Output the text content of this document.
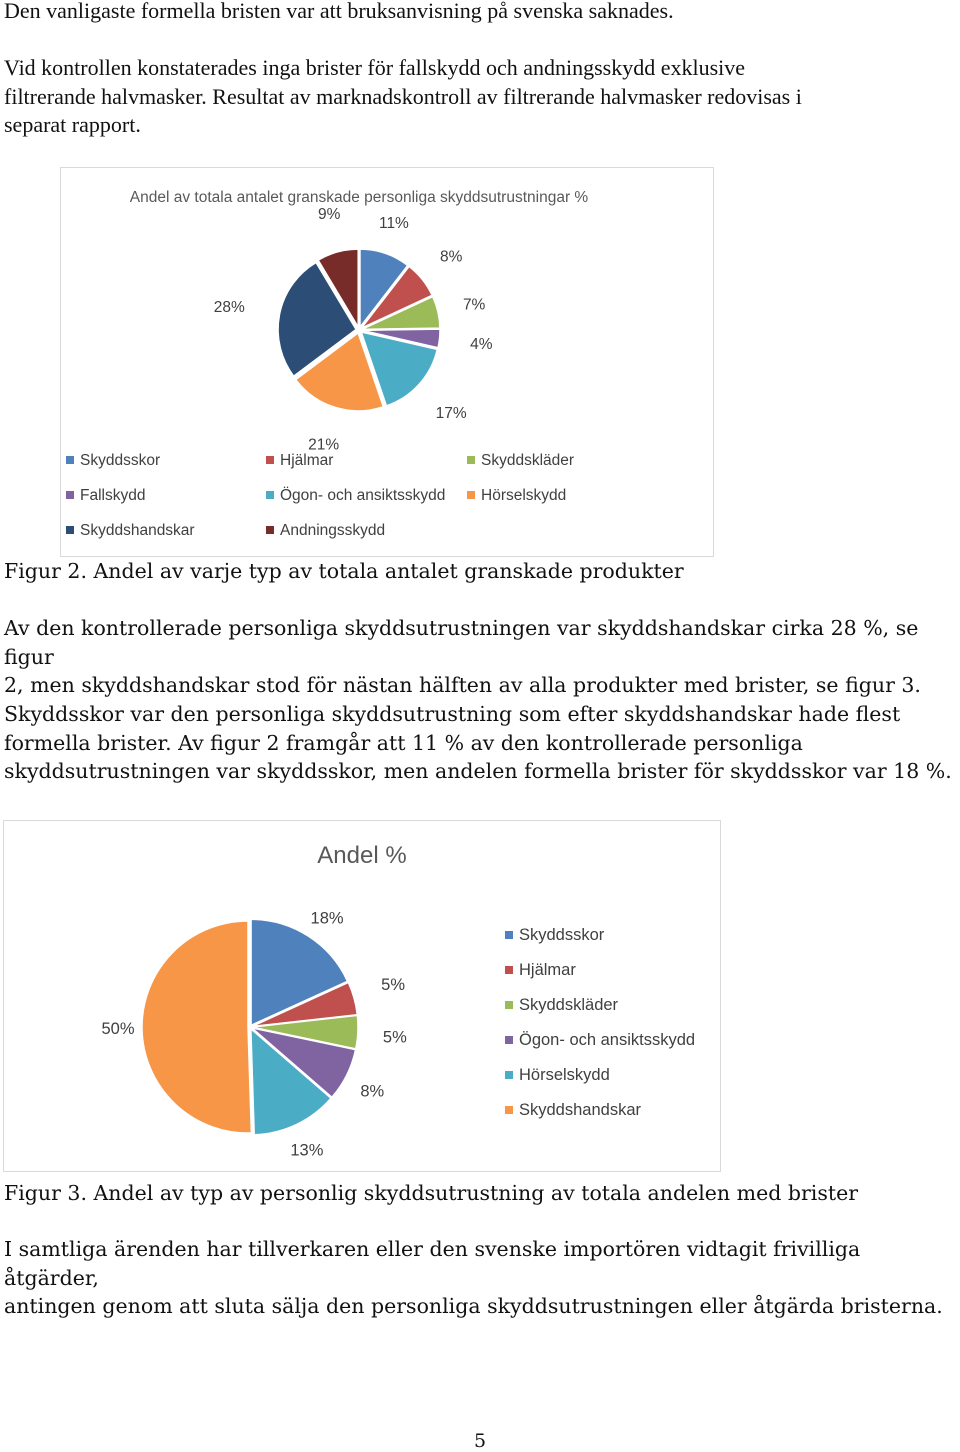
Den vanligaste formella bristen var att bruksanvisning på svenska saknades.

Vid kontrollen konstaterades inga brister för fallskydd och andningsskydd exklusive
filtrerande halvmasker. Resultat av marknadskontroll av filtrerande halvmasker redovisas i
separat rapport.

Andel av totala antalet granskade personliga skyddsutrustningar %
11%
8%
7%
4%
17%
21%
28%
9%
Skyddsskor	Hjälmar	Skyddskläder
Fallskydd	Ögon- och ansiktsskydd Hörselskydd
Skyddshandskar	Andningsskydd

Figur 2. Andel av varje typ av totala antalet granskade produkter

Av den kontrollerade personliga skyddsutrustningen var skyddshandskar cirka 28 %, se figur
2, men skyddshandskar stod för nästan hälften av alla produkter med brister, se figur 3.

Skyddsskor var den personliga skyddsutrustning som efter skyddshandskar hade flest
formella brister. Av figur 2 framgår att 11 % av den kontrollerade personliga
skyddsutrustningen var skyddsskor, men andelen formella brister för skyddsskor var 18 %.

Andel %
18%
5%
5%
8%
13%
50%
Skyddsskor
Hjälmar
Skyddskläder
Ögon- och ansiktsskydd
Hörselskydd
Skyddshandskar

Figur 3. Andel av typ av personlig skyddsutrustning av totala andelen med brister

I samtliga ärenden har tillverkaren eller den svenske importören vidtagit frivilliga åtgärder,
antingen genom att sluta sälja den personliga skyddsutrustningen eller åtgärda bristerna.

5
